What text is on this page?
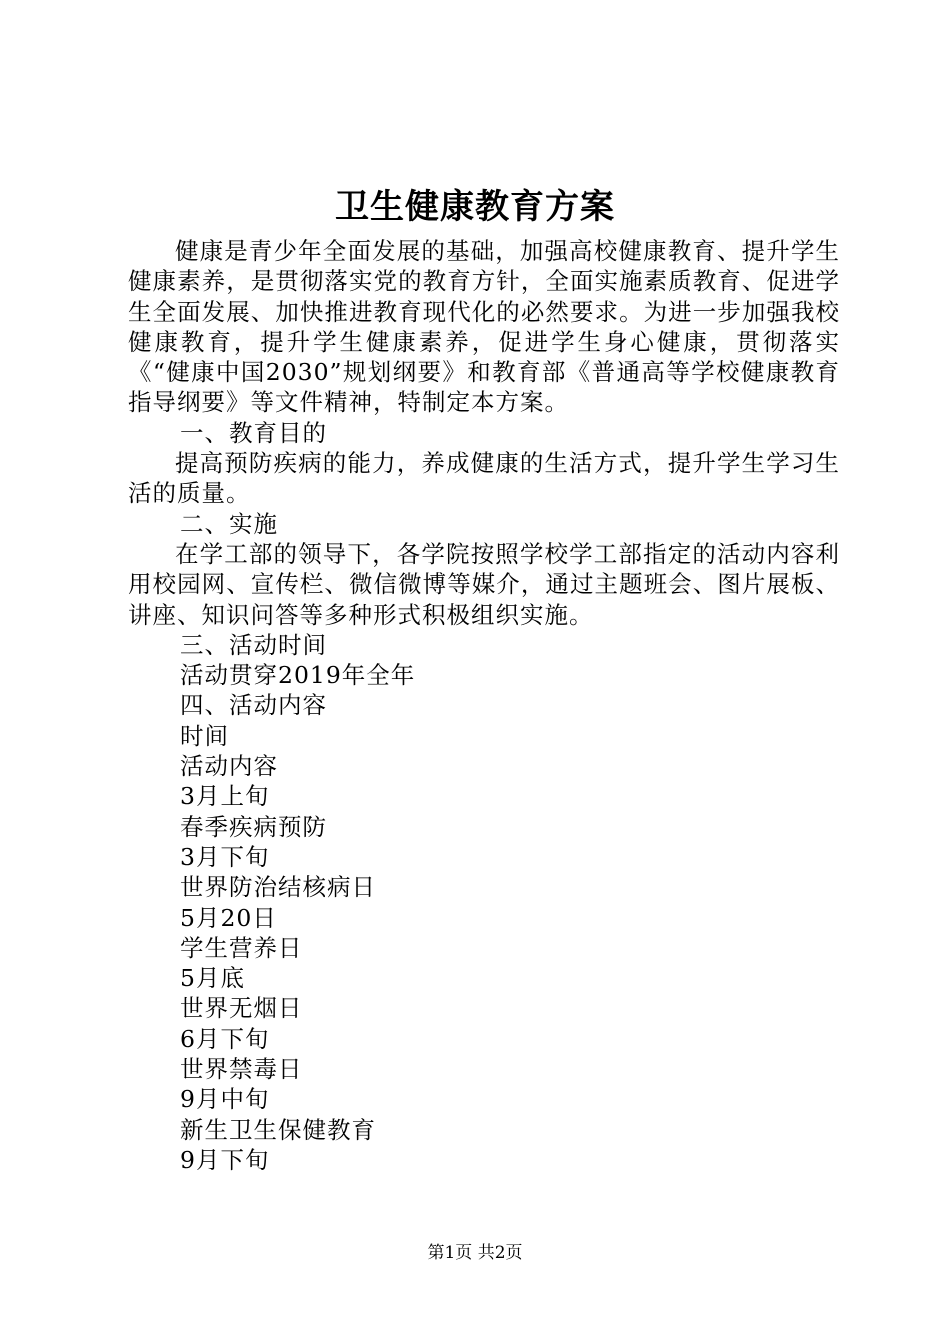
卫生健康教育方案

健康是青少年全面发展的基础，加强高校健康教育、提升学生健康素养，是贯彻落实党的教育方针，全面实施素质教育、促进学生全面发展、加快推进教育现代化的必然要求。为进一步加强我校健康教育，提升学生健康素养，促进学生身心健康，贯彻落实《“健康中国2030”规划纲要》和教育部《普通高等学校健康教育指导纲要》等文件精神，特制定本方案。

一、教育目的

提高预防疾病的能力，养成健康的生活方式，提升学生学习生活的质量。

二、实施

在学工部的领导下，各学院按照学校学工部指定的活动内容利用校园网、宣传栏、微信微博等媒介，通过主题班会、图片展板、讲座、知识问答等多种形式积极组织实施。

三、活动时间

活动贯穿2019年全年

四、活动内容

时间

活动内容

3月上旬

春季疾病预防

3月下旬

世界防治结核病日

5月20日

学生营养日

5月底

世界无烟日

6月下旬

世界禁毒日

9月中旬

新生卫生保健教育

9月下旬

第1页 共2页
